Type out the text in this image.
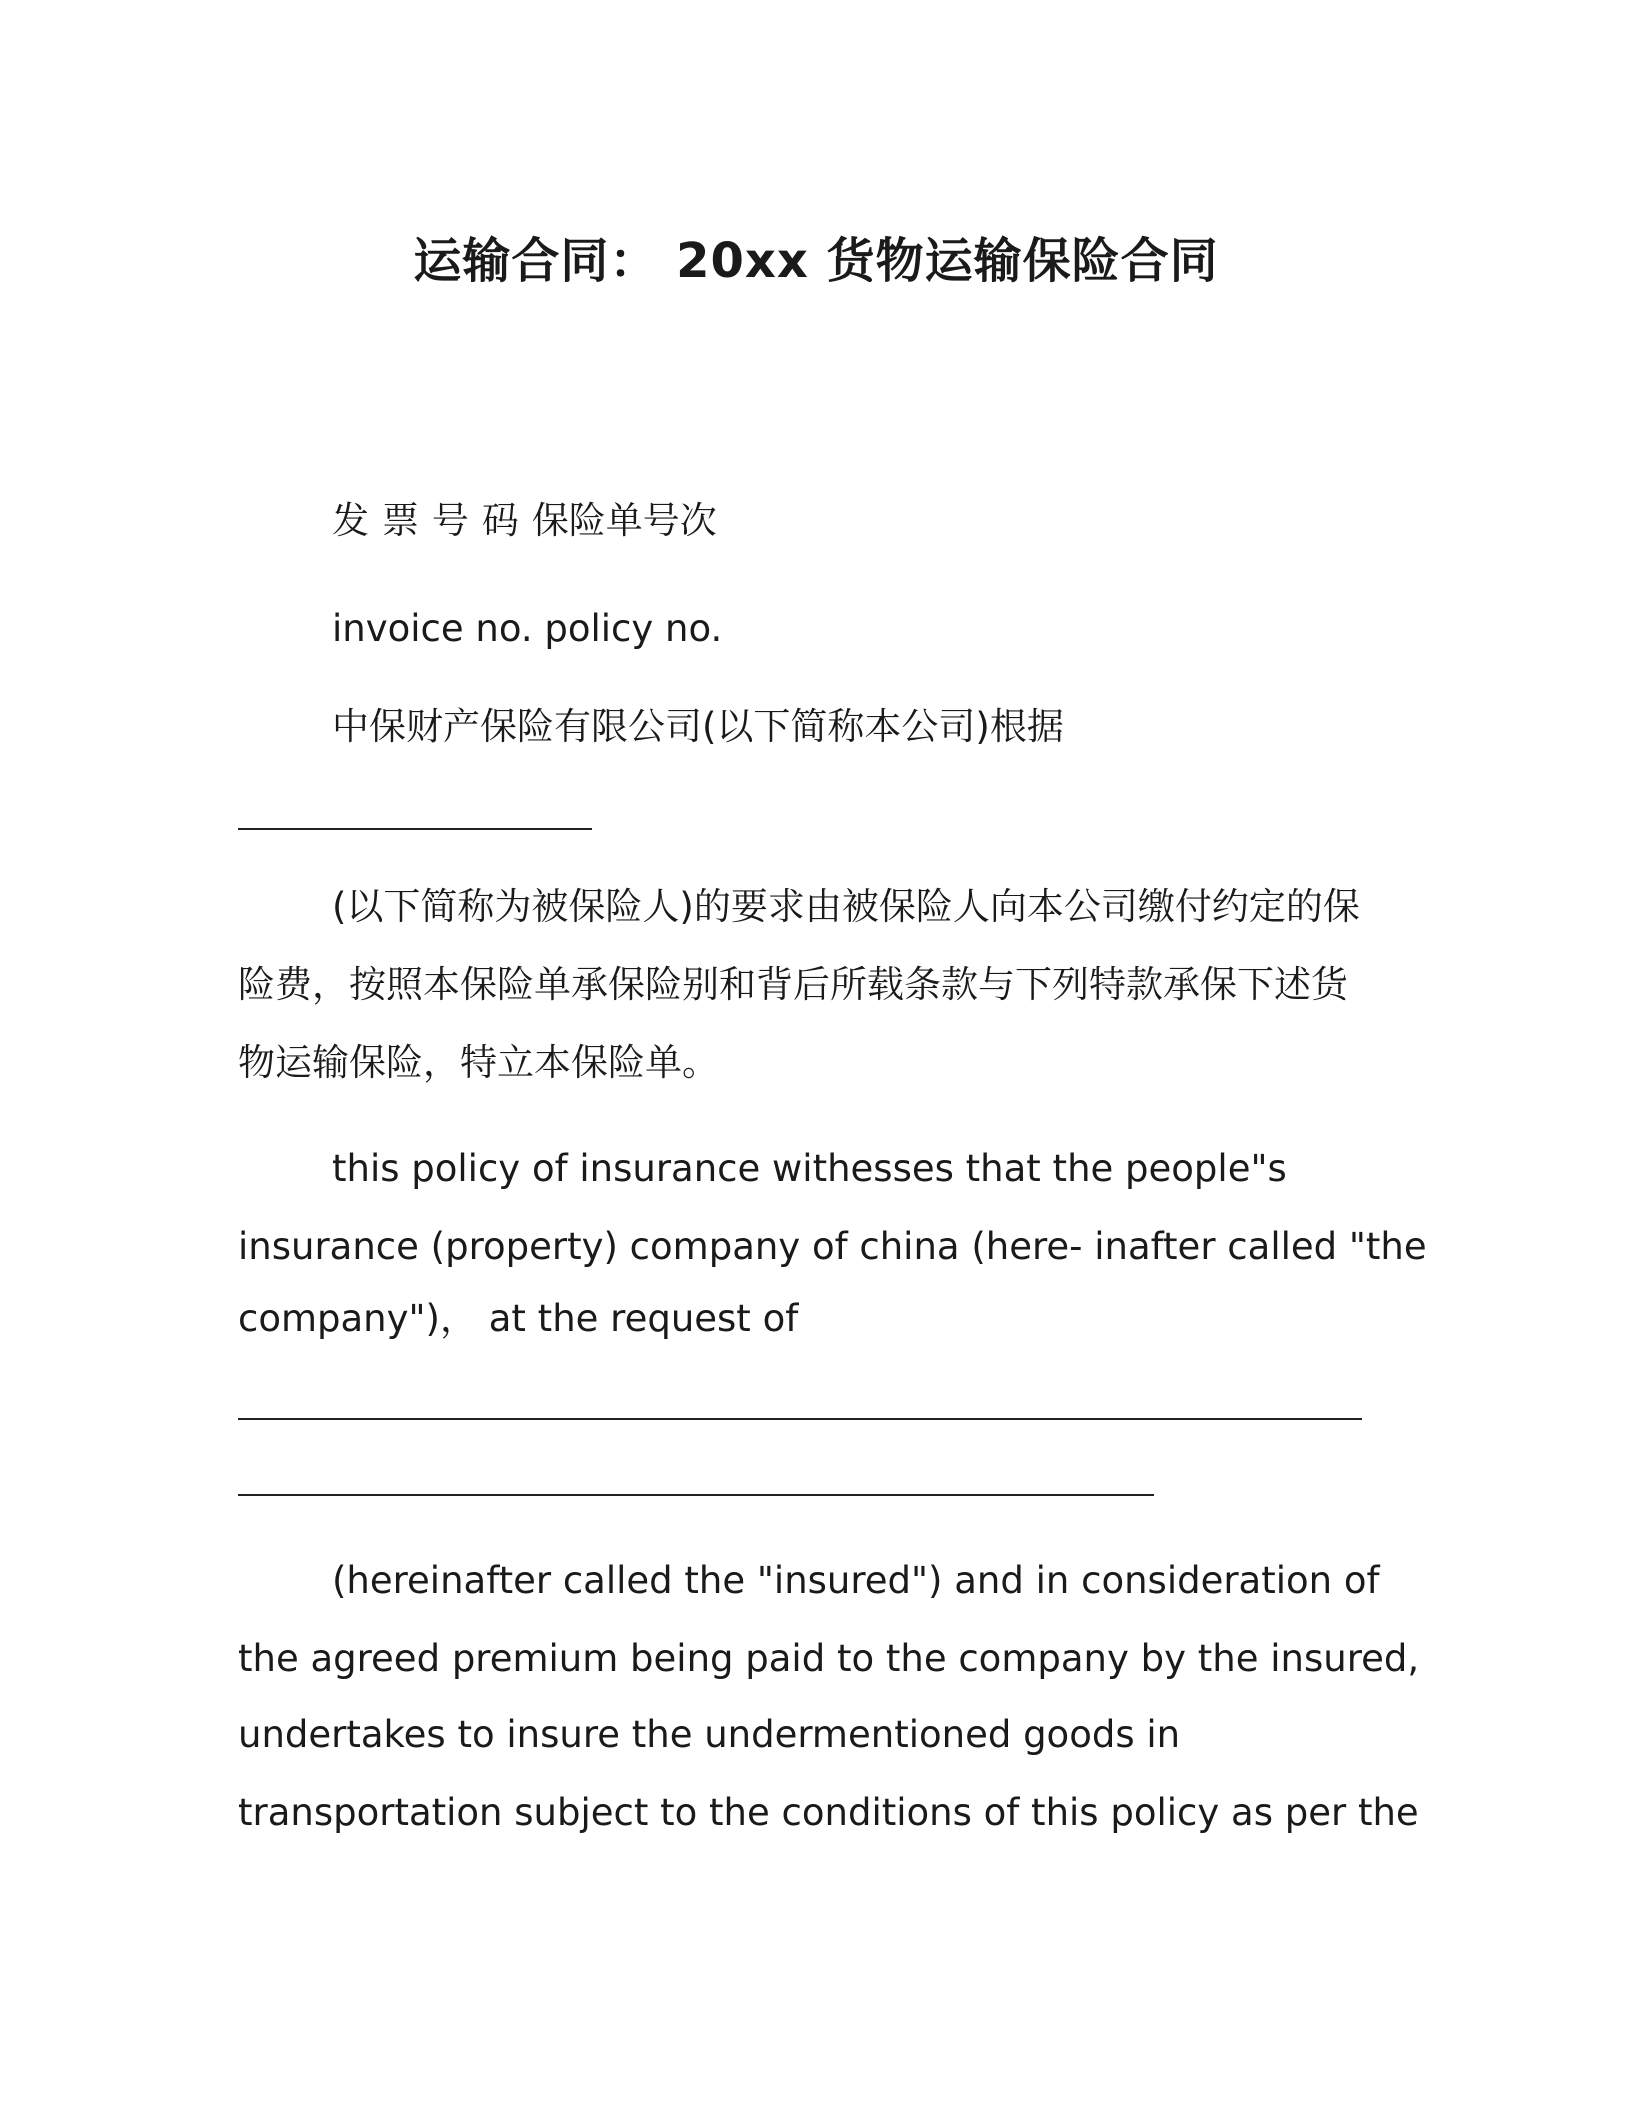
运输合同： 20xx 货物运输保险合同
发票号码保险单号次
invoice no. policy no.
中保财产保险有限公司(以下简称本公司)根据
(以下简称为被保险人)的要求由被保险人向本公司缴付约定的保
险费，按照本保险单承保险别和背后所载条款与下列特款承保下述货
物运输保险，特立本保险单。
this policy of insurance withesses that the people"s
insurance (property) company of china (here- inafter called "the
company")， at the request of
(hereinafter called the "insured") and in consideration of
the agreed premium being paid to the company by the insured,
undertakes to insure the undermentioned goods in
transportation subject to the conditions of this policy as per the
